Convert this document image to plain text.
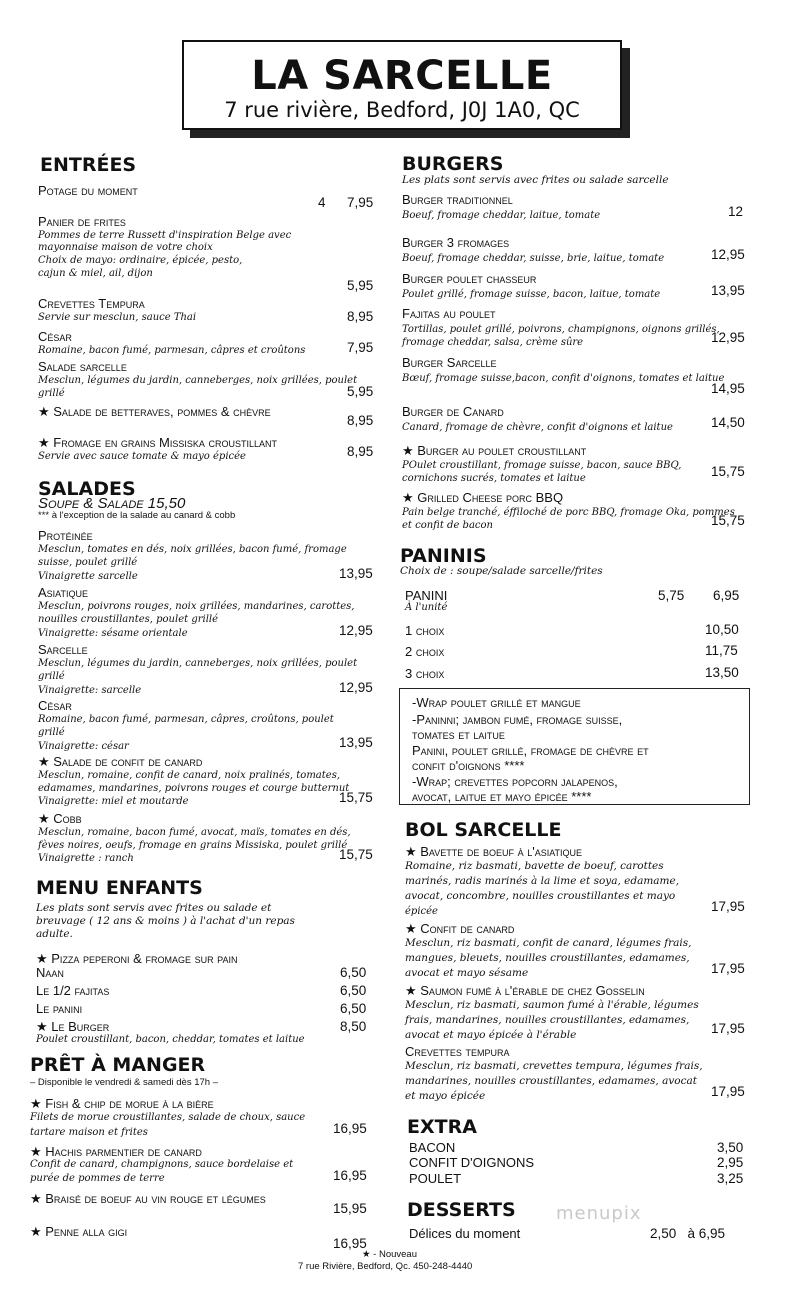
LA SARCELLE
7 rue rivière, Bedford, J0J 1A0, QC
ENTRÉES
Potage du moment
4 7,95
Panier de frites
Pommes de terre Russett d'inspiration Belge avec
mayonnaise maison de votre choix
Choix de mayo: ordinaire, épicée, pesto,
cajun & miel, ail, dijon
5,95
Crevettes Tempura
Servie sur mesclun, sauce Thai	8,95
César
Romaine, bacon fumé, parmesan, câpres et croûtons	7,95
Salade sarcelle
Mesclun, légumes du jardin, canneberges, noix grillées, poulet
grillé	5,95
★ Salade de betteraves, pommes & chèvre
8,95
★ Fromage en grains Missiska croustillant
Servie avec sauce tomate & mayo épicée	8,95
SALADES
Soupe & Salade 15,50
*** à l'exception de la salade au canard & cobb
Protéinée
Mesclun, tomates en dés, noix grillées, bacon fumé, fromage
suisse, poulet grillé
Vinaigrette sarcelle	13,95
Asiatique
Mesclun, poivrons rouges, noix grillées, mandarines, carottes,
nouilles croustillantes, poulet grillé
Vinaigrette: sésame orientale	12,95
Sarcelle
Mesclun, légumes du jardin, canneberges, noix grillées, poulet
grillé
Vinaigrette: sarcelle	12,95
César
Romaine, bacon fumé, parmesan, câpres, croûtons, poulet
grillé
Vinaigrette: césar	13,95
★ Salade de confit de canard
Mesclun, romaine, confit de canard, noix pralinés, tomates,
edamames, mandarines, poivrons rouges et courge butternut
Vinaigrette: miel et moutarde	15,75
★ Cobb
Mesclun, romaine, bacon fumé, avocat, maïs, tomates en dés,
fèves noires, oeufs, fromage en grains Missiska, poulet grillé
Vinaigrette : ranch	15,75
MENU ENFANTS
Les plats sont servis avec frites ou salade et
breuvage ( 12 ans & moins ) à l'achat d'un repas
adulte.
★ Pizza peperoni & fromage sur pain
Naan	6,50
Le 1/2 fajitas	6,50
Le panini	6,50
★ Le Burger
Poulet croustillant, bacon, cheddar, tomates et laitue
8,50
PRÊT À MANGER
– Disponible le vendredi & samedi dès 17h –
★ Fish & chip de morue à la bière
Filets de morue croustillantes, salade de choux, sauce
tartare maison et frites	16,95
★ Hachis parmentier de canard
Confit de canard, champignons, sauce bordelaise et
purée de pommes de terre	16,95
★ Braisé de boeuf au vin rouge et légumes
15,95
★ Penne alla gigi
16,95
BURGERS
Les plats sont servis avec frites ou salade sarcelle
Burger traditionnel
Boeuf, fromage cheddar, laitue, tomate	12
Burger 3 fromages
Boeuf, fromage cheddar, suisse, brie, laitue, tomate	12,95
Burger poulet chasseur
Poulet grillé, fromage suisse, bacon, laitue, tomate	13,95
Fajitas au poulet
Tortillas, poulet grillé, poivrons, champignons, oignons grillés,
fromage cheddar, salsa, crème sûre	12,95
Burger Sarcelle
Bœuf, fromage suisse,bacon, confit d'oignons, tomates et laitue
14,95
Burger de Canard
Canard, fromage de chèvre, confit d'oignons et laitue	14,50
★ Burger au poulet croustillant
POulet croustillant, fromage suisse, bacon, sauce BBQ,
cornichons sucrés, tomates et laitue	15,75
★ Grilled Cheese porc BBQ
Pain belge tranché, éffiloché de porc BBQ, fromage Oka, pommes
et confit de bacon	15,75
PANINIS
Choix de : soupe/salade sarcelle/frites
PANINI
À l'unité
5,75 6,95
1 choix	10,50
2 choix	11,75
3 choix	13,50
-Wrap poulet grillé et mangue
-Paninni; jambon fumé, fromage suisse,
tomates et laitue
Panini, poulet grillé, fromage de chèvre et
confit d'oignons ****
-Wrap; crevettes popcorn jalapenos,
avocat, laitue et mayo épicée ****
BOL SARCELLE
★ Bavette de boeuf à l'asiatique
Romaine, riz basmati, bavette de boeuf, carottes
marinés, radis marinés à la lime et soya, edamame,
avocat, concombre, nouilles croustillantes et mayo
épicée	17,95
★ Confit de canard
Mesclun, riz basmati, confit de canard, légumes frais,
mangues, bleuets, nouilles croustillantes, edamames,
avocat et mayo sésame	17,95
★ Saumon fumé à l'érable de chez Gosselin
Mesclun, riz basmati, saumon fumé à l'érable, légumes
frais, mandarines, nouilles croustillantes, edamames,
avocat et mayo épicée à l'érable	17,95
Crevettes tempura
Mesclun, riz basmati, crevettes tempura, légumes frais,
mandarines, nouilles croustillantes, edamames, avocat
et mayo épicée	17,95
EXTRA
BACON	3,50
CONFIT D'OIGNONS	2,95
POULET	3,25
DESSERTS
Délices du moment	2,50   à 6,95
menupix
★ - Nouveau
7 rue Rivière, Bedford, Qc. 450-248-4440
